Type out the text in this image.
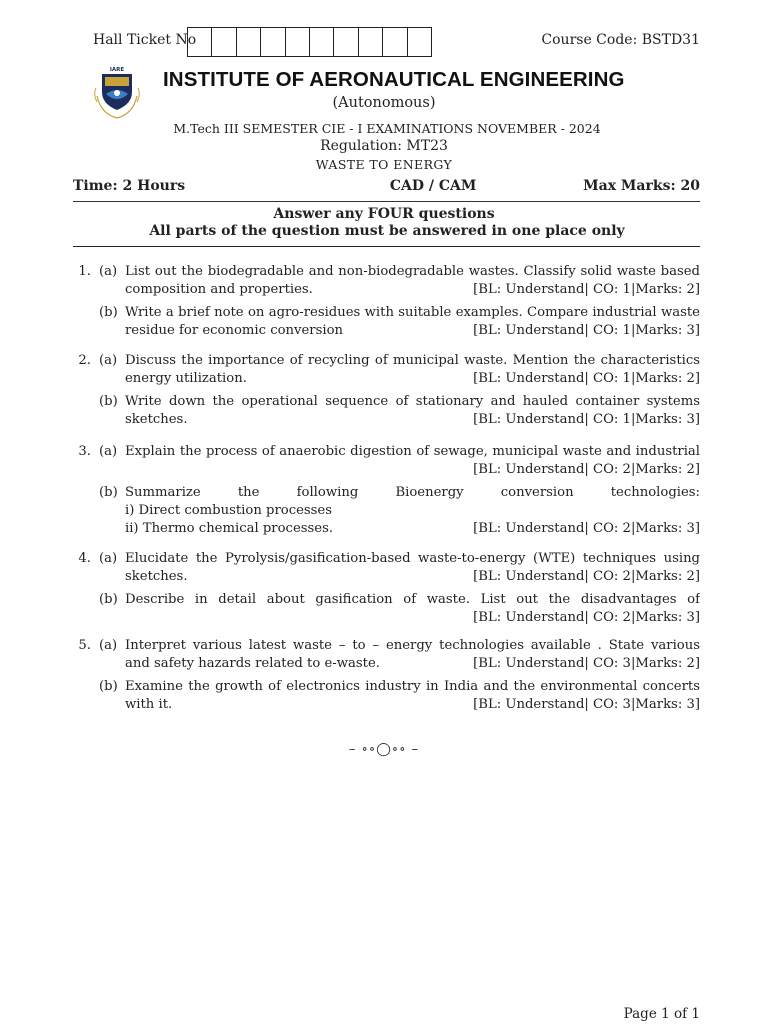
Hall Ticket No	Course Code: BSTD31
IARE INSTITUTE OF AERONAUTICAL ENGINEERING
(Autonomous)
M.Tech III SEMESTER CIE - I EXAMINATIONS NOVEMBER - 2024
Regulation: MT23
WASTE TO ENERGY
Time: 2 Hours	CAD / CAM	Max Marks: 20
Answer any FOUR questions
All parts of the question must be answered in one place only
1. (a) List out the biodegradable and non-biodegradable wastes. Classify solid waste based
composition and properties.	[BL: Understand| CO: 1|Marks: 2]
(b) Write a brief note on agro-residues with suitable examples. Compare industrial waste
residue for economic conversion	[BL: Understand| CO: 1|Marks: 3]
2. (a) Discuss the importance of recycling of municipal waste. Mention the characteristics
energy utilization.	[BL: Understand| CO: 1|Marks: 2]
(b) Write down the operational sequence of stationary and hauled container systems
sketches.	[BL: Understand| CO: 1|Marks: 3]
3. (a) Explain the process of anaerobic digestion of sewage, municipal waste and industrial
[BL: Understand| CO: 2|Marks: 2]
(b) Summarize the following Bioenergy conversion technologies:
i) Direct combustion processes
ii) Thermo chemical processes.	[BL: Understand| CO: 2|Marks: 3]
4. (a) Elucidate the Pyrolysis/gasification-based waste-to-energy (WTE) techniques using
sketches.	[BL: Understand| CO: 2|Marks: 2]
(b) Describe in detail about gasification of waste. List out the disadvantages of
[BL: Understand| CO: 2|Marks: 3]
5. (a) Interpret various latest waste – to – energy technologies available . State various
and safety hazards related to e-waste.	[BL: Understand| CO: 3|Marks: 2]
(b) Examine the growth of electronics industry in India and the environmental concerts
with it.	[BL: Understand| CO: 3|Marks: 3]
– ∘∘◯∘∘ –
Page 1 of 1
